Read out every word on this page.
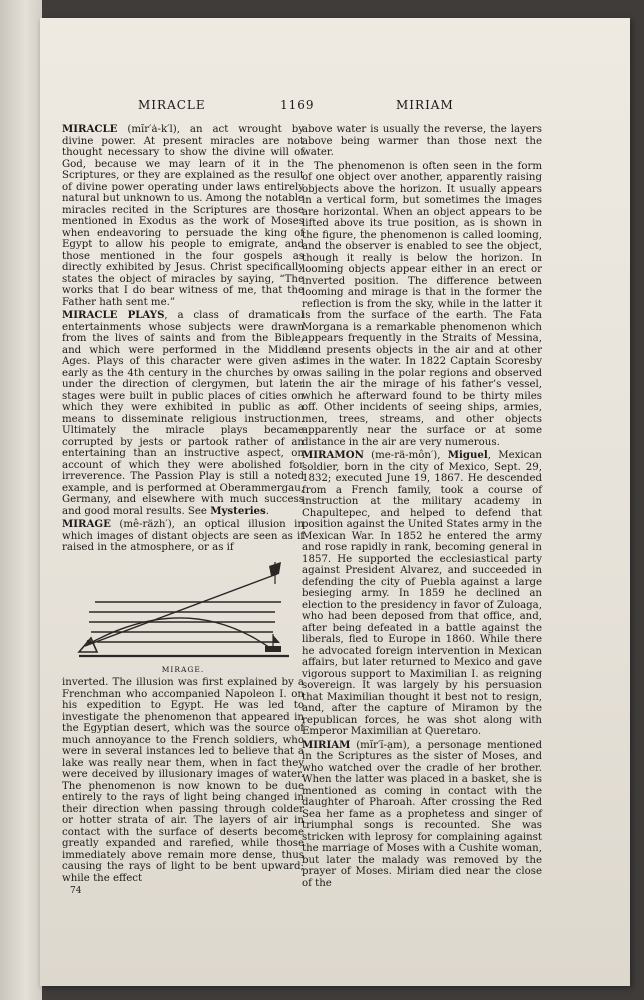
MIRACLE	1169	MIRIAM

MIRACLE (mĭr′ȧ-k′l), an act wrought by divine power. At present miracles are not thought necessary to show the divine will of God, because we may learn of it in the Scriptures, or they are explained as the result of divine power operating under laws entirely natural but unknown to us. Among the notable miracles recited in the Scriptures are those mentioned in Exodus as the work of Moses when endeavoring to persuade the king of Egypt to allow his people to emigrate, and those mentioned in the four gospels as directly exhibited by Jesus. Christ specifically states the object of miracles by saying, “The works that I do bear witness of me, that the Father hath sent me.”

MIRACLE PLAYS, a class of dramatical entertainments whose subjects were drawn from the lives of saints and from the Bible, and which were performed in the Middle Ages. Plays of this character were given as early as the 4th century in the churches by or under the direction of clergymen, but later stages were built in public places of cities on which they were exhibited in public as a means to disseminate religious instruction. Ultimately the miracle plays became corrupted by jests or partook rather of an entertaining than an instructive aspect, on account of which they were abolished for irreverence. The Passion Play is still a noted example, and is performed at Oberammergau, Germany, and elsewhere with much success and good moral results. See Mysteries.

MIRAGE (mê-räzh′), an optical illusion in which images of distant objects are seen as if raised in the atmosphere, or as if

MIRAGE.

inverted. The illusion was first explained by a Frenchman who accompanied Napoleon I. on his expedition to Egypt. He was led to investigate the phenomenon that appeared in the Egyptian desert, which was the source of much annoyance to the French soldiers, who were in several instances led to believe that a lake was really near them, when in fact they were deceived by illusionary images of water. The phenomenon is now known to be due entirely to the rays of light being changed in their direction when passing through colder or hotter strata of air. The layers of air in contact with the surface of deserts become greatly expanded and rarefied, while those immediately above remain more dense, thus causing the rays of light to be bent upward; while the effect

above water is usually the reverse, the layers above being warmer than those next the water.

The phenomenon is often seen in the form of one object over another, apparently raising objects above the horizon. It usually appears in a vertical form, but sometimes the images are horizontal. When an object appears to be lifted above its true position, as is shown in the figure, the phenomenon is called looming, and the observer is enabled to see the object, though it really is below the horizon. In looming objects appear either in an erect or inverted position. The difference between looming and mirage is that in the former the reflection is from the sky, while in the latter it is from the surface of the earth. The Fata Morgana is a remarkable phenomenon which appears frequently in the Straits of Messina, and presents objects in the air and at other times in the water. In 1822 Captain Scoresby was sailing in the polar regions and observed in the air the mirage of his father’s vessel, which he afterward found to be thirty miles off. Other incidents of seeing ships, armies, men, trees, streams, and other objects apparently near the surface or at some distance in the air are very numerous.

MIRAMON (me-rä-môn′), Miguel, Mexican soldier, born in the city of Mexico, Sept. 29, 1832; executed June 19, 1867. He descended from a French family, took a course of instruction at the military academy in Chapultepec, and helped to defend that position against the United States army in the Mexican War. In 1852 he entered the army and rose rapidly in rank, becoming general in 1857. He supported the ecclesiastical party against President Alvarez, and succeeded in defending the city of Puebla against a large besieging army. In 1859 he declined an election to the presidency in favor of Zuloaga, who had been deposed from that office, and, after being defeated in a battle against the liberals, fled to Europe in 1860. While there he advocated foreign intervention in Mexican affairs, but later returned to Mexico and gave vigorous support to Maximilian I. as reigning sovereign. It was largely by his persuasion that Maximilian thought it best not to resign, and, after the capture of Miramon by the republican forces, he was shot along with Emperor Maximilian at Queretaro.

MIRIAM (mĭr′ĭ-ạm), a personage mentioned in the Scriptures as the sister of Moses, and who watched over the cradle of her brother. When the latter was placed in a basket, she is mentioned as coming in contact with the daughter of Pharoah. After crossing the Red Sea her fame as a prophetess and singer of triumphal songs is recounted. She was stricken with leprosy for complaining against the marriage of Moses with a Cushite woman, but later the malady was removed by the prayer of Moses. Miriam died near the close of the

74
